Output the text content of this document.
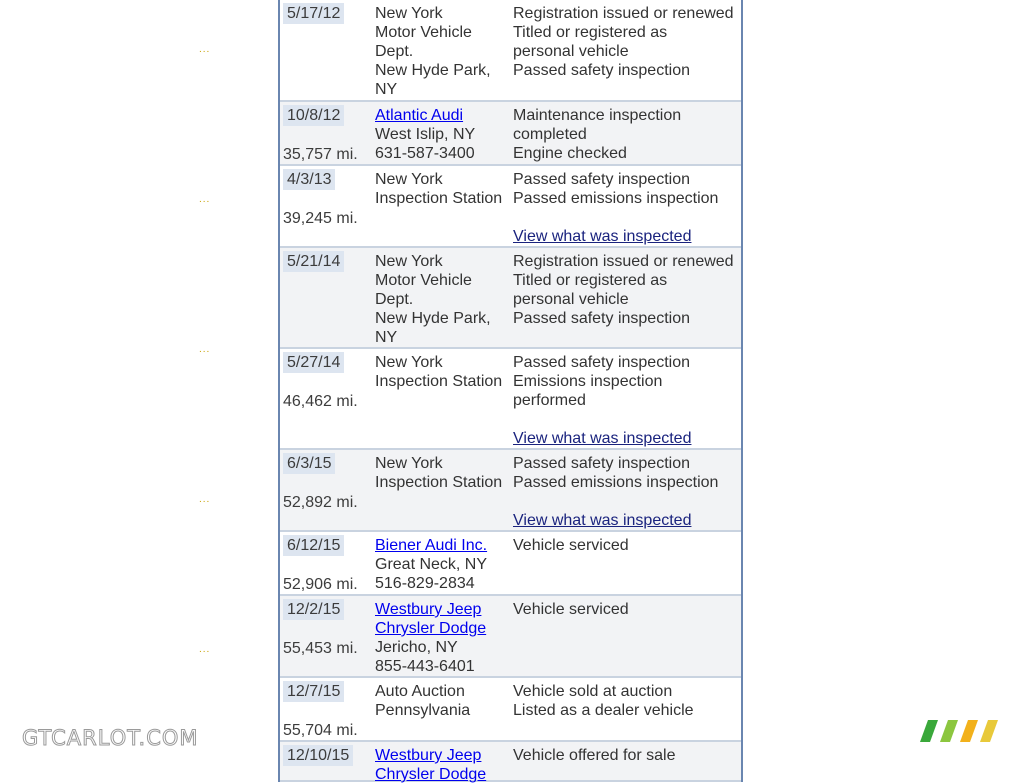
5/17/12 New York
Motor Vehicle
Dept.
New Hyde Park,
NY
Registration issued or renewed
Titled or registered as
personal vehicle
Passed safety inspection
10/8/12
35,757 mi.
Atlantic Audi
West Islip, NY
631-587-3400
Maintenance inspection
completed
Engine checked
4/3/13
39,245 mi.
New York
Inspection Station
Passed safety inspection
Passed emissions inspection
View what was inspected
5/21/14 New York
Motor Vehicle
Dept.
New Hyde Park,
NY
Registration issued or renewed
Titled or registered as
personal vehicle
Passed safety inspection
5/27/14
46,462 mi.
New York
Inspection Station
Passed safety inspection
Emissions inspection
performed
View what was inspected
6/3/15
52,892 mi.
New York
Inspection Station
Passed safety inspection
Passed emissions inspection
View what was inspected
6/12/15
52,906 mi.
Biener Audi Inc.
Great Neck, NY
516-829-2834
Vehicle serviced
12/2/15
55,453 mi.
Westbury Jeep
Chrysler Dodge
Jericho, NY
855-443-6401
Vehicle serviced
12/7/15
55,704 mi.
Auto Auction
Pennsylvania
Vehicle sold at auction
Listed as a dealer vehicle
12/10/15 Westbury Jeep
Chrysler Dodge
Vehicle offered for sale
...
...
...
...
...
GTCARLOT.COM
